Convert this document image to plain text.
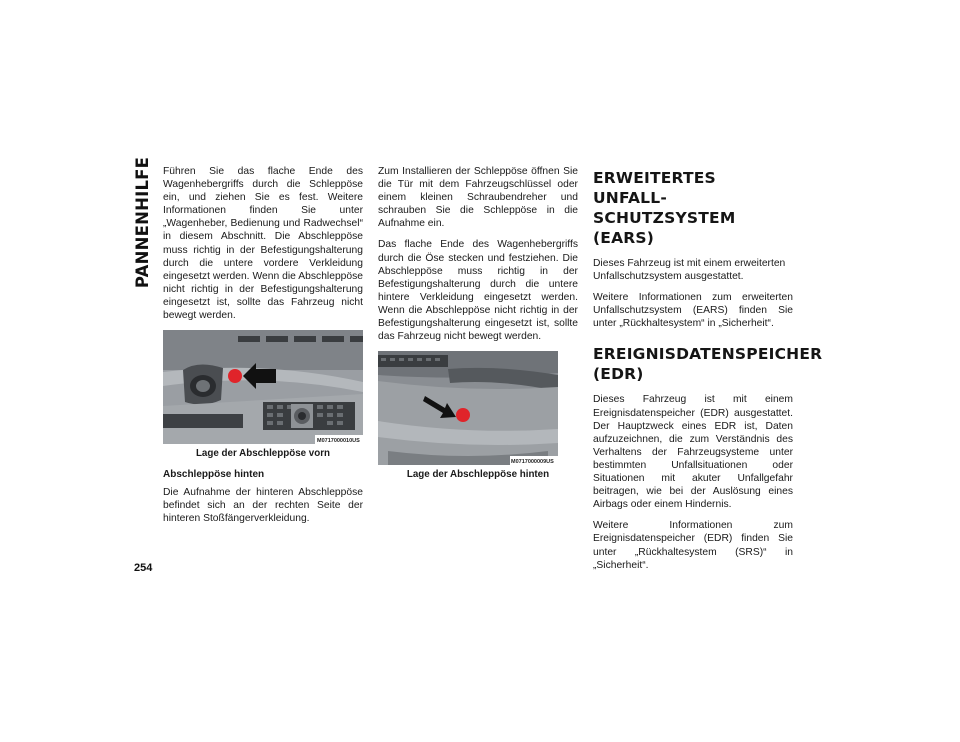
PANNENHILFE
254

Führen Sie das flache Ende des Wagenhebergriffs durch die Schleppöse ein, und ziehen Sie es fest. Weitere Informationen finden Sie unter „Wagenheber, Bedienung und Radwechsel“ in diesem Abschnitt. Die Abschleppöse muss richtig in der Befestigungshalterung durch die untere vordere Verkleidung eingesetzt werden. Wenn die Abschleppöse nicht richtig in der Befestigungshalterung eingesetzt ist, sollte das Fahrzeug nicht bewegt werden.

M0717000010US
Lage der Abschleppöse vorn
Abschleppöse hinten

Die Aufnahme der hinteren Abschleppöse befindet sich an der rechten Seite der hinteren Stoßfängerverkleidung.

Zum Installieren der Schleppöse öffnen Sie die Tür mit dem Fahrzeugschlüssel oder einem kleinen Schraubendreher und schrauben Sie die Schleppöse in die Aufnahme ein.

Das flache Ende des Wagenhebergriffs durch die Öse stecken und festziehen. Die Abschleppöse muss richtig in der Befestigungshalterung durch die untere hintere Verkleidung eingesetzt werden. Wenn die Abschleppöse nicht richtig in der Befestigungshalterung eingesetzt ist, sollte das Fahrzeug nicht bewegt werden.

M0717000009US
Lage der Abschleppöse hinten
ERWEITERTES UNFALL-SCHUTZSYSTEM (EARS)

Dieses Fahrzeug ist mit einem erweiterten Unfallschutzsystem ausgestattet.

Weitere Informationen zum erweiterten Unfallschutzsystem (EARS) finden Sie unter „Rückhaltesystem“ in „Sicherheit“.

EREIGNISDATENSPEICHER (EDR)

Dieses Fahrzeug ist mit einem Ereignisdatenspeicher (EDR) ausgestattet. Der Hauptzweck eines EDR ist, Daten aufzuzeichnen, die zum Verständnis des Verhaltens der Fahrzeugsysteme unter bestimmten Unfallsituationen oder Situationen mit akuter Unfallgefahr beitragen, wie bei der Auslösung eines Airbags oder einem Hindernis.

Weitere Informationen zum Ereignisdatenspeicher (EDR) finden Sie unter „Rückhaltesystem (SRS)“ in „Sicherheit“.
